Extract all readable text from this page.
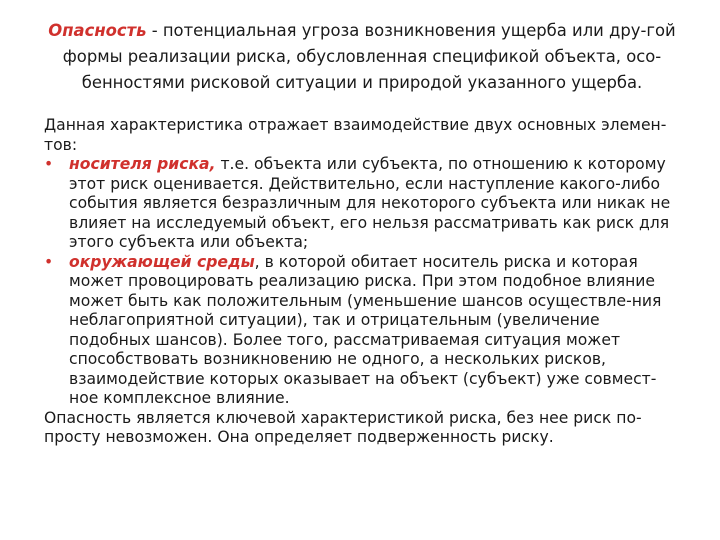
Опасность - потенциальная угроза возникновения ущерба или дру-гой формы реализации риска, обусловленная спецификой объекта, осо-бенностями рисковой ситуации и природой указанного ущерба.

Данная характеристика отражает взаимодействие двух основных элемен-тов:

• носителя риска, т.е. объекта или субъекта, по отношению к которому этот риск оценивается. Действительно, если наступление какого-либо события является безразличным для некоторого субъекта или никак не влияет на исследуемый объект, его нельзя рассматривать как риск для этого субъекта или объекта;
• окружающей среды, в которой обитает носитель риска и которая может провоцировать реализацию риска. При этом подобное влияние может быть как положительным (уменьшение шансов осуществле-ния неблагоприятной ситуации), так и отрицательным (увеличение подобных шансов). Более того, рассматриваемая ситуация может способствовать возникновению не одного, а нескольких рисков, взаимодействие которых оказывает на объект (субъект) уже совмест-ное комплексное влияние.

Опасность является ключевой характеристикой риска, без нее риск по-просту невозможен. Она определяет подверженность риску.
